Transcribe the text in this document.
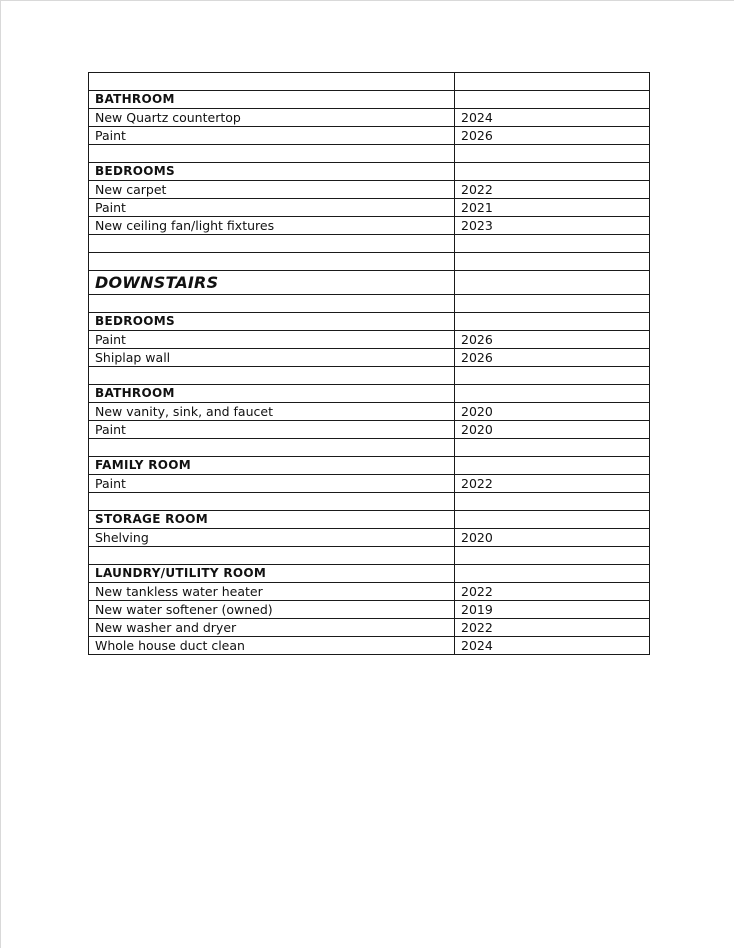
BATHROOM	
New Quartz countertop	2024
Paint	2026

BEDROOMS	
New carpet	2022
Paint	2021
New ceiling fan/light fixtures	2023

DOWNSTAIRS	

BEDROOMS	
Paint	2026
Shiplap wall	2026

BATHROOM	
New vanity, sink, and faucet	2020
Paint	2020

FAMILY ROOM	
Paint	2022

STORAGE ROOM	
Shelving	2020

LAUNDRY/UTILITY ROOM	
New tankless water heater	2022
New water softener (owned)	2019
New washer and dryer	2022
Whole house duct clean	2024
